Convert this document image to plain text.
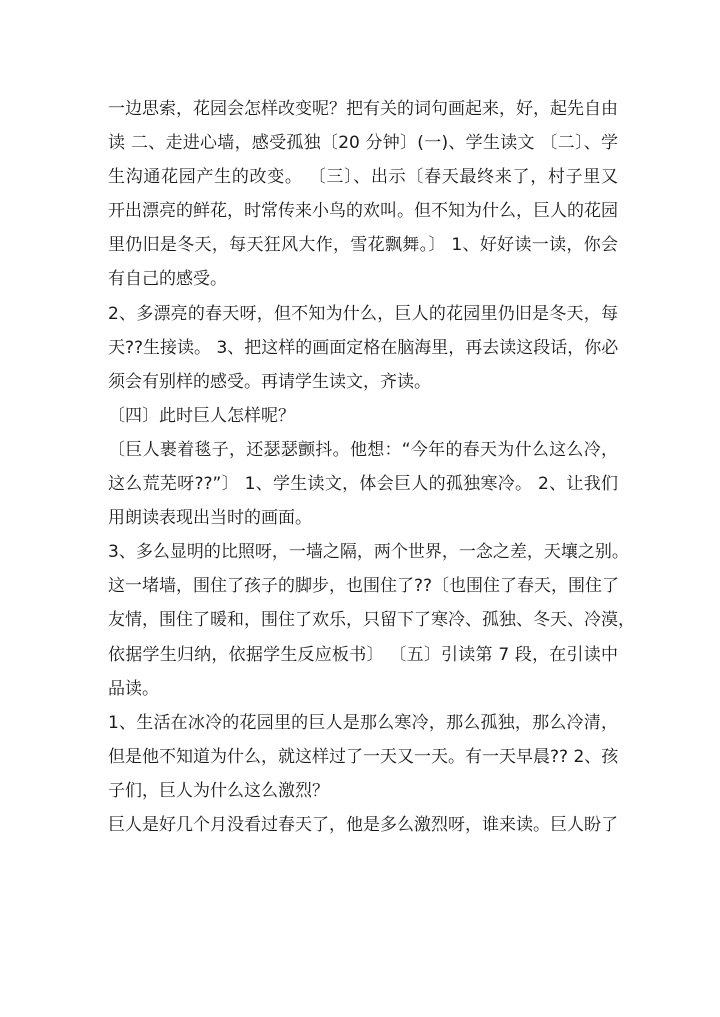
一边思索，花园会怎样改变呢？把有关的词句画起来，好，起先自由
读 二、走进心墙，感受孤独〔20 分钟〕(一)、学生读文 〔二〕、学
生沟通花园产生的改变。 〔三〕、出示〔春天最终来了，村子里又
开出漂亮的鲜花，时常传来小鸟的欢叫。但不知为什么，巨人的花园
里仍旧是冬天，每天狂风大作，雪花飘舞。〕 1、好好读一读，你会
有自己的感受。
2、多漂亮的春天呀，但不知为什么，巨人的花园里仍旧是冬天，每
天??生接读。 3、把这样的画面定格在脑海里，再去读这段话，你必
须会有别样的感受。再请学生读文，齐读。
〔四〕此时巨人怎样呢？
〔巨人裹着毯子，还瑟瑟颤抖。他想：“今年的春天为什么这么冷，
这么荒芜呀??”〕 1、学生读文，体会巨人的孤独寒冷。 2、让我们
用朗读表现出当时的画面。
3、多么显明的比照呀，一墙之隔，两个世界，一念之差，天壤之别。
这一堵墙，围住了孩子的脚步，也围住了??〔也围住了春天，围住了
友情，围住了暖和，围住了欢乐，只留下了寒冷、孤独、冬天、冷漠，
依据学生归纳，依据学生反应板书〕 〔五〕引读第 7 段，在引读中
品读。
1、生活在冰冷的花园里的巨人是那么寒冷，那么孤独，那么冷清，
但是他不知道为什么，就这样过了一天又一天。有一天早晨?? 2、孩
子们，巨人为什么这么激烈？
巨人是好几个月没看过春天了，他是多么激烈呀，谁来读。巨人盼了
